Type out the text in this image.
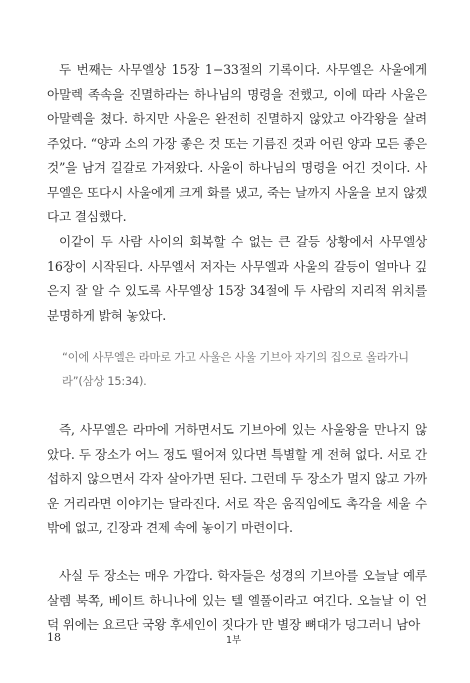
두 번째는 사무엘상 15장 1−33절의 기록이다. 사무엘은 사울에게 아말렉 족속을 진멸하라는 하나님의 명령을 전했고, 이에 따라 사울은 아말렉을 쳤다. 하지만 사울은 완전히 진멸하지 않았고 아각왕을 살려 주었다. “양과 소의 가장 좋은 것 또는 기름진 것과 어린 양과 모든 좋은 것”을 남겨 길갈로 가져왔다. 사울이 하나님의 명령을 어긴 것이다. 사무엘은 또다시 사울에게 크게 화를 냈고, 죽는 날까지 사울을 보지 않겠다고 결심했다.

이같이 두 사람 사이의 회복할 수 없는 큰 갈등 상황에서 사무엘상 16장이 시작된다. 사무엘서 저자는 사무엘과 사울의 갈등이 얼마나 깊은지 잘 알 수 있도록 사무엘상 15장 34절에 두 사람의 지리적 위치를 분명하게 밝혀 놓았다.

“이에 사무엘은 라마로 가고 사울은 사울 기브아 자기의 집으로 올라가니라”(삼상 15:34).

즉, 사무엘은 라마에 거하면서도 기브아에 있는 사울왕을 만나지 않았다. 두 장소가 어느 정도 떨어져 있다면 특별할 게 전혀 없다. 서로 간섭하지 않으면서 각자 살아가면 된다. 그런데 두 장소가 멀지 않고 가까운 거리라면 이야기는 달라진다. 서로 작은 움직임에도 촉각을 세울 수밖에 없고, 긴장과 견제 속에 놓이기 마련이다.

사실 두 장소는 매우 가깝다. 학자들은 성경의 기브아를 오늘날 예루살렘 북쪽, 베이트 하니나에 있는 텔 엘풀이라고 여긴다. 오늘날 이 언덕 위에는 요르단 국왕 후세인이 짓다가 만 별장 뼈대가 덩그러니 남아

18	1부
